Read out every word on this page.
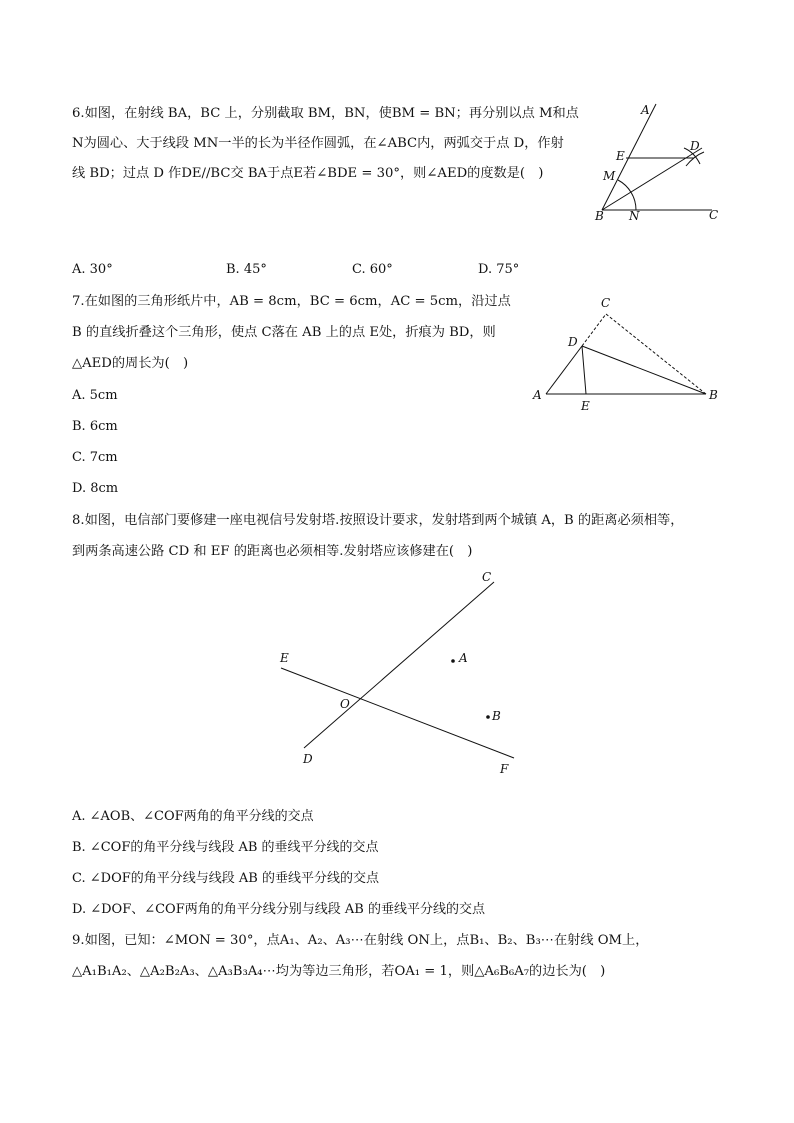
6.如图，在射线 BA，BC 上，分别截取 BM，BN，使BM = BN；再分别以点 M和点
N为圆心、大于线段 MN一半的长为半径作圆弧，在∠ABC内，两弧交于点 D，作射
线 BD；过点 D 作DE//BC交 BA于点E若∠BDE = 30°，则∠AED的度数是(　)
A
E
D
M
B N	C
A. 30°	B. 45°	C. 60°	D. 75°
7.在如图的三角形纸片中，AB = 8cm，BC = 6cm，AC = 5cm，沿过点
B 的直线折叠这个三角形，使点 C落在 AB 上的点 E处，折痕为 BD，则
△AED的周长为(　)
C
D
A
E
B
A. 5cm
B. 6cm
C. 7cm
D. 8cm
8.如图，电信部门要修建一座电视信号发射塔.按照设计要求，发射塔到两个城镇 A，B 的距离必须相等，
到两条高速公路 CD 和 EF 的距离也必须相等.发射塔应该修建在(　)
C
E	A
O
B
D
F
A. ∠AOB、∠COF两角的角平分线的交点
B. ∠COF的角平分线与线段 AB 的垂线平分线的交点
C. ∠DOF的角平分线与线段 AB 的垂线平分线的交点
D. ∠DOF、∠COF两角的角平分线分别与线段 AB 的垂线平分线的交点
9.如图，已知：∠MON = 30°，点A₁、A₂、A₃⋯在射线 ON上，点B₁、B₂、B₃⋯在射线 OM上，
△A₁B₁A₂、△A₂B₂A₃、△A₃B₃A₄⋯均为等边三角形，若OA₁ = 1，则△A₆B₆A₇的边长为(　)
